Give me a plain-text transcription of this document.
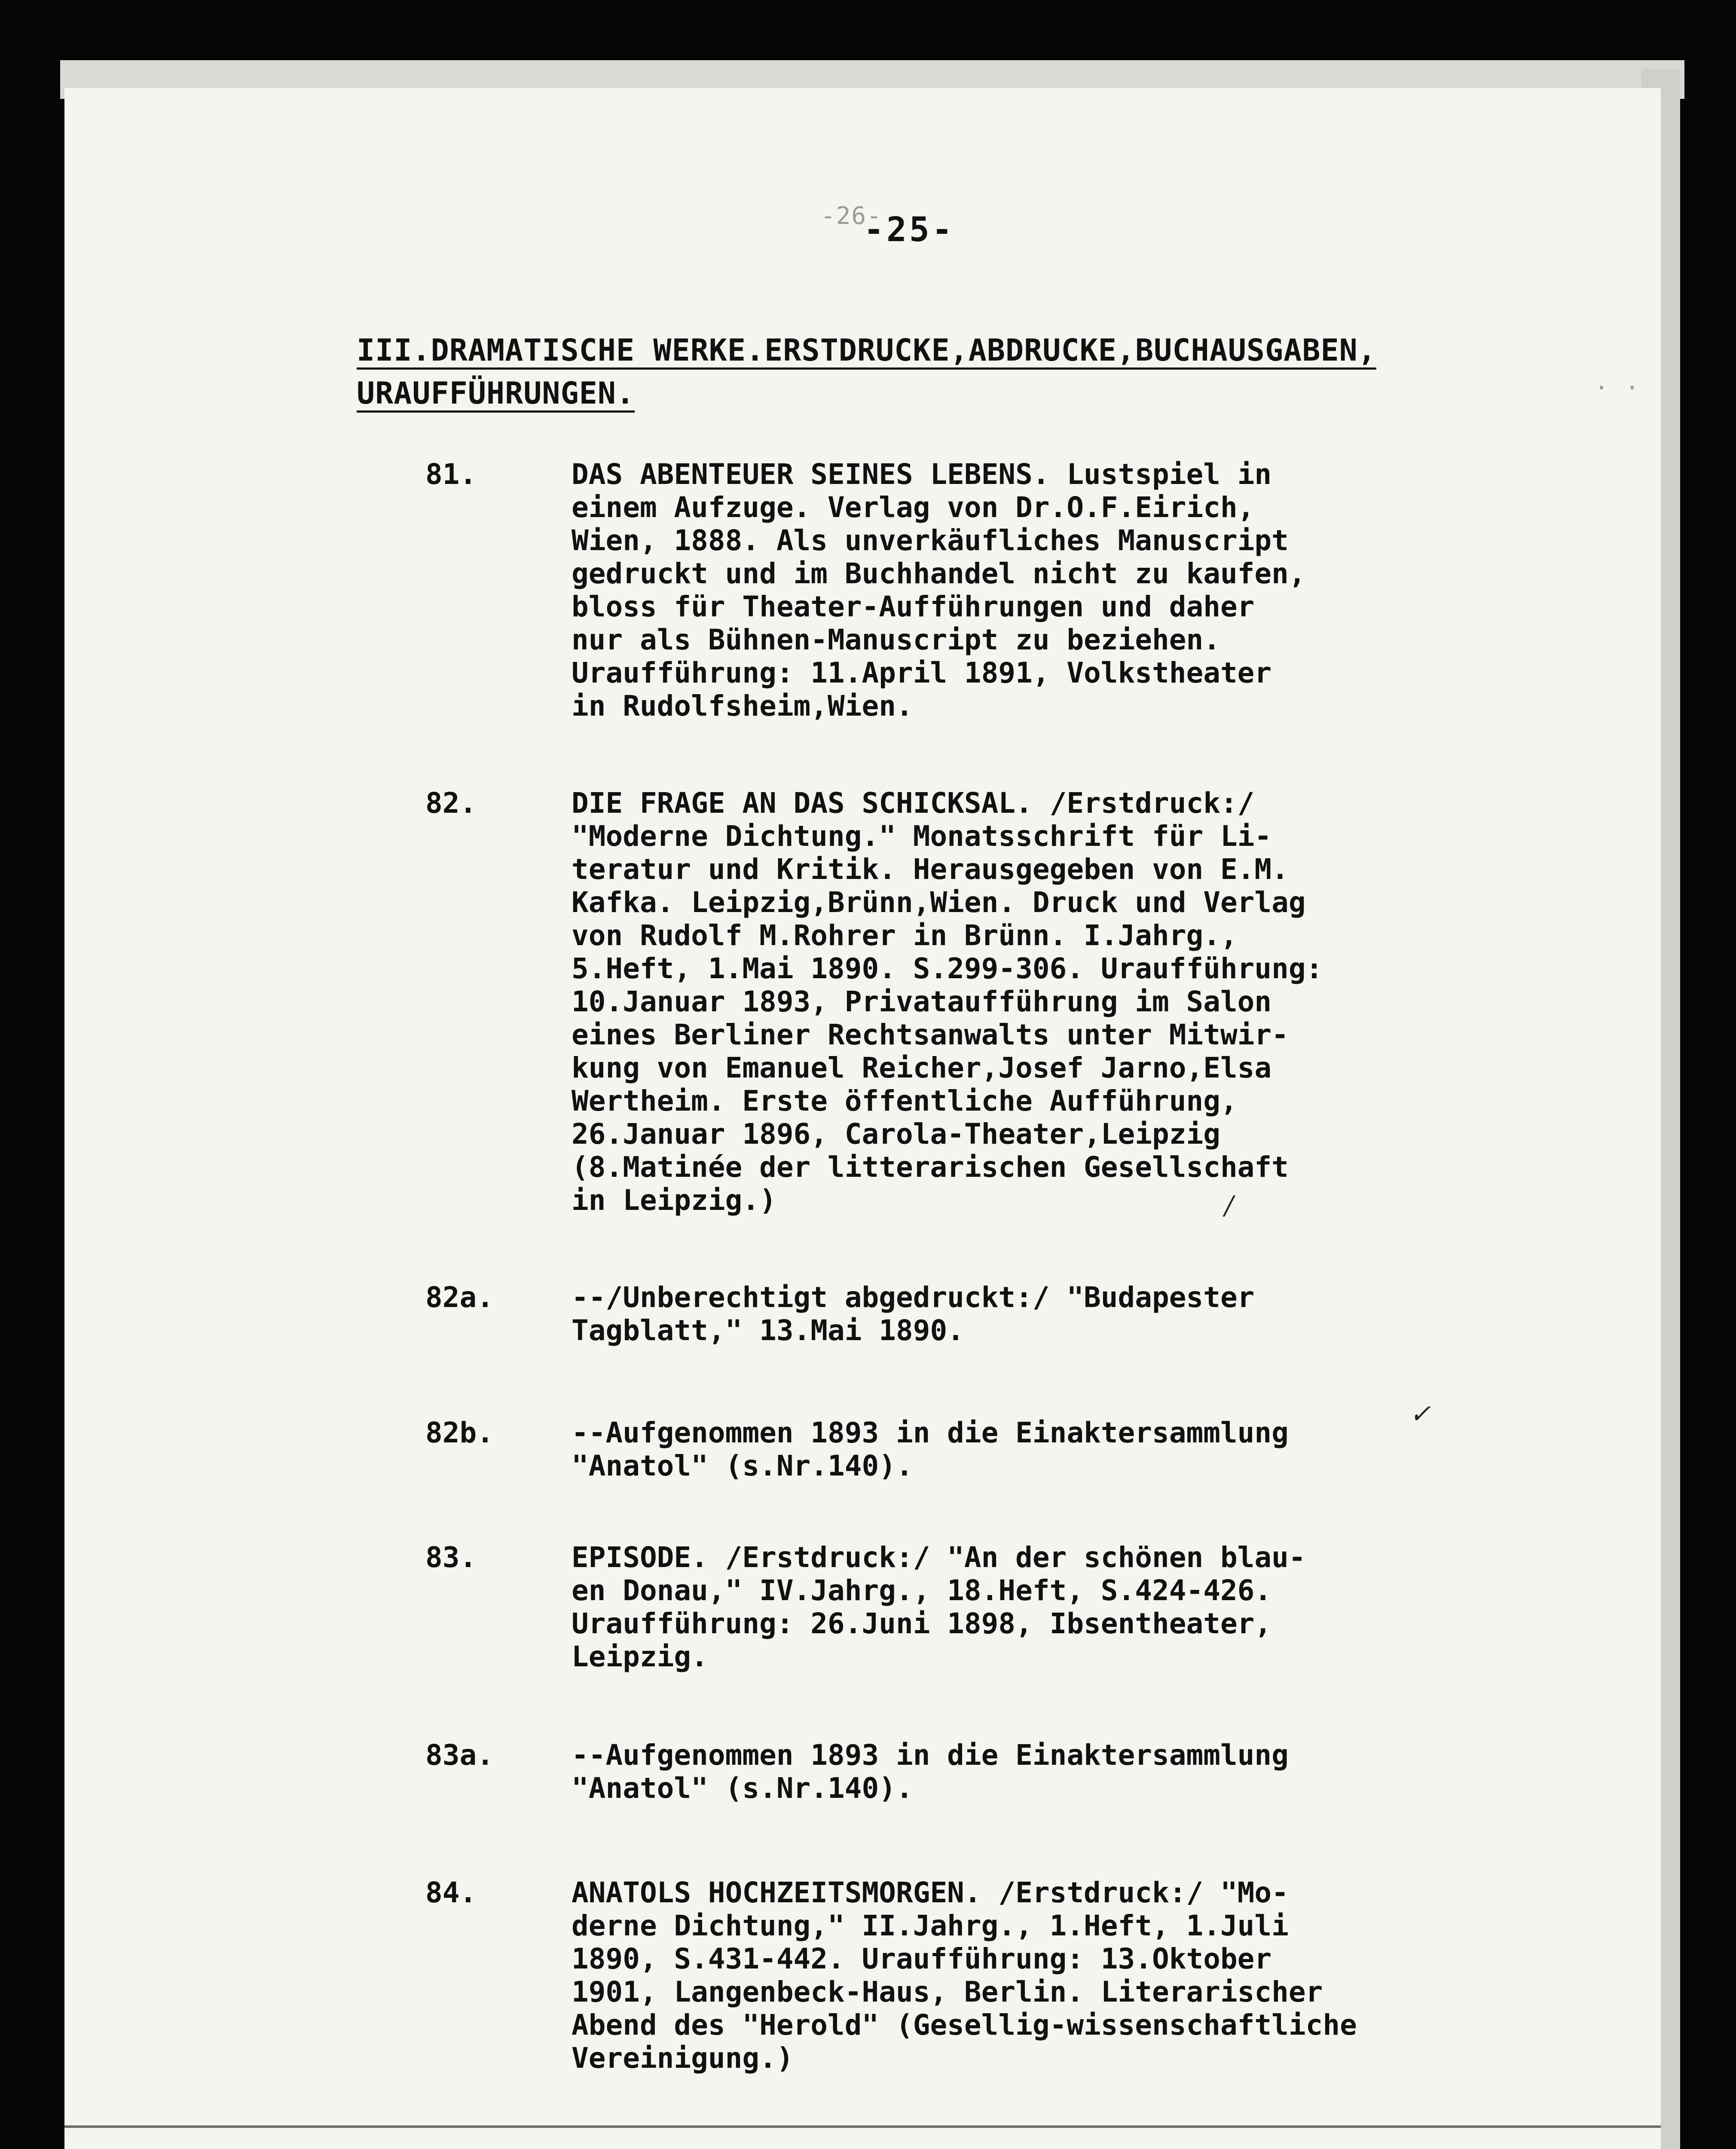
-26-
. .
-25-
III.DRAMATISCHE WERKE.ERSTDRUCKE,ABDRUCKE,BUCHAUSGABEN, URAUFFÜHRUNGEN.
81.	DAS ABENTEUER SEINES LEBENS. Lustspiel in
einem Aufzuge. Verlag von Dr.O.F.Eirich,
Wien, 1888. Als unverkäufliches Manuscript
gedruckt und im Buchhandel nicht zu kaufen,
bloss für Theater-Aufführungen und daher
nur als Bühnen-Manuscript zu beziehen.
Uraufführung: 11.April 1891, Volkstheater
in Rudolfsheim,Wien.
82.	DIE FRAGE AN DAS SCHICKSAL. /Erstdruck:/
"Moderne Dichtung." Monatsschrift für Li-
teratur und Kritik. Herausgegeben von E.M.
Kafka. Leipzig,Brünn,Wien. Druck und Verlag
von Rudolf M.Rohrer in Brünn. I.Jahrg.,
5.Heft, 1.Mai 1890. S.299-306. Uraufführung:
10.Januar 1893, Privataufführung im Salon
eines Berliner Rechtsanwalts unter Mitwir-
kung von Emanuel Reicher,Josef Jarno,Elsa
Wertheim. Erste öffentliche Aufführung,
26.Januar 1896, Carola-Theater,Leipzig
(8.Matinée der litterarischen Gesellschaft
in Leipzig.)
82a.	--/Unberechtigt abgedruckt:/ "Budapester
Tagblatt," 13.Mai 1890.
82b.	--Aufgenommen 1893 in die Einaktersammlung
"Anatol" (s.Nr.140).
83.	EPISODE. /Erstdruck:/ "An der schönen blau-
en Donau," IV.Jahrg., 18.Heft, S.424-426.
Uraufführung: 26.Juni 1898, Ibsentheater,
Leipzig.
83a.	--Aufgenommen 1893 in die Einaktersammlung
"Anatol" (s.Nr.140).
84.	ANATOLS HOCHZEITSMORGEN. /Erstdruck:/ "Mo-
derne Dichtung," II.Jahrg., 1.Heft, 1.Juli
1890, S.431-442. Uraufführung: 13.Oktober
1901, Langenbeck-Haus, Berlin. Literarischer
Abend des "Herold" (Gesellig-wissenschaftliche
Vereinigung.)
/
✓
